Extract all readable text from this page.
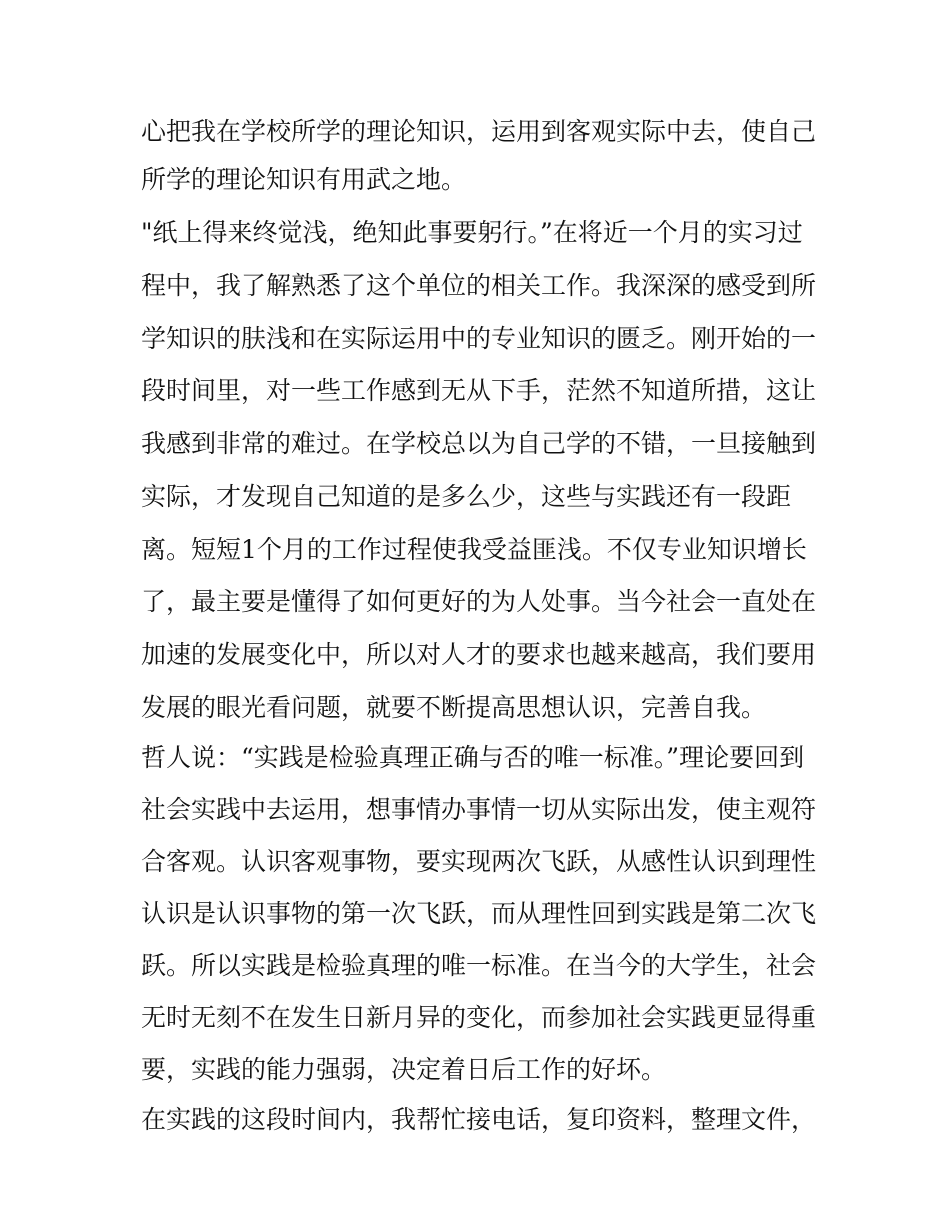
心把我在学校所学的理论知识，运用到客观实际中去，使自己
所学的理论知识有用武之地。
"纸上得来终觉浅，绝知此事要躬行。”在将近一个月的实习过
程中，我了解熟悉了这个单位的相关工作。我深深的感受到所
学知识的肤浅和在实际运用中的专业知识的匮乏。刚开始的一
段时间里，对一些工作感到无从下手，茫然不知道所措，这让
我感到非常的难过。在学校总以为自己学的不错，一旦接触到
实际，才发现自己知道的是多么少，这些与实践还有一段距
离。短短1个月的工作过程使我受益匪浅。不仅专业知识增长
了，最主要是懂得了如何更好的为人处事。当今社会一直处在
加速的发展变化中，所以对人才的要求也越来越高，我们要用
发展的眼光看问题，就要不断提高思想认识，完善自我。
哲人说：“实践是检验真理正确与否的唯一标准。”理论要回到
社会实践中去运用，想事情办事情一切从实际出发，使主观符
合客观。认识客观事物，要实现两次飞跃，从感性认识到理性
认识是认识事物的第一次飞跃，而从理性回到实践是第二次飞
跃。所以实践是检验真理的唯一标准。在当今的大学生，社会
无时无刻不在发生日新月异的变化，而参加社会实践更显得重
要，实践的能力强弱，决定着日后工作的好坏。
在实践的这段时间内，我帮忙接电话，复印资料，整理文件，
